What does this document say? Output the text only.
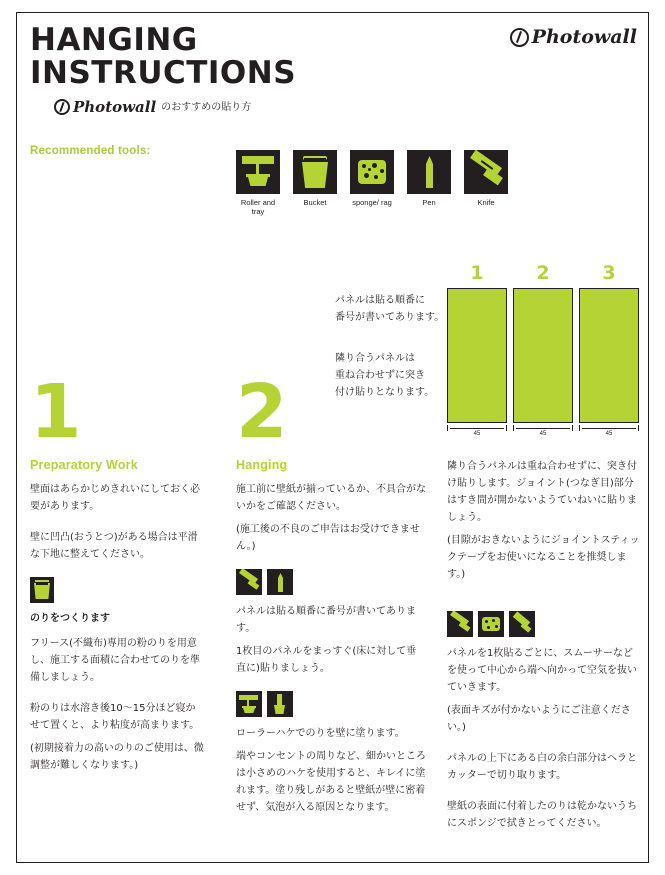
Photowall
HANGING
INSTRUCTIONS
Photowall のおすすめの貼り方
Recommended tools:
Roller and tray
Bucket	sponge/ rag	Pen	Knife
1 2
パネルは貼る順番に
番号が書いてあります。
隣り合うパネルは
重ね合わせずに突き
付け貼りとなります。
1	2	3
45	45	45
Preparatory Work

壁面はあらかじめきれいにしておく必要があります。

壁に凹凸(おうとつ)がある場合は平滑な下地に整えてください。

のりをつくります

フリース(不織布)専用の粉のりを用意し、施工する面積に合わせてのりを準備しましょう。

粉のりは水溶き後10〜15分ほど寝かせて置くと、より粘度が高まります。

(初期接着力の高いのりのご使用は、微調整が難しくなります。)

Hanging

施工前に壁紙が揃っているか、不具合がないかをご確認ください。

(施工後の不良のご申告はお受けできません。)

パネルは貼る順番に番号が書いてあります。

1枚目のパネルをまっすぐ(床に対して垂直に)貼りましょう。

ローラーハケでのりを壁に塗ります。

端やコンセントの周りなど、細かいところは小さめのハケを使用すると、キレイに塗れます。塗り残しがあると壁紙が壁に密着せず、気泡が入る原因となります。

隣り合うパネルは重ね合わせずに、突き付け貼りします。ジョイント(つなぎ目)部分はすき間が開かないようていねいに貼りましょう。

(目隙がおきないようにジョイントスティックテープをお使いになることを推奨します。)

パネルを1枚貼るごとに、スムーサーなどを使って中心から端へ向かって空気を抜いていきます。

(表面キズが付かないようにご注意ください。)

パネルの上下にある白の余白部分はヘラとカッターで切り取ります。

壁紙の表面に付着したのりは乾かないうちにスポンジで拭きとってください。
